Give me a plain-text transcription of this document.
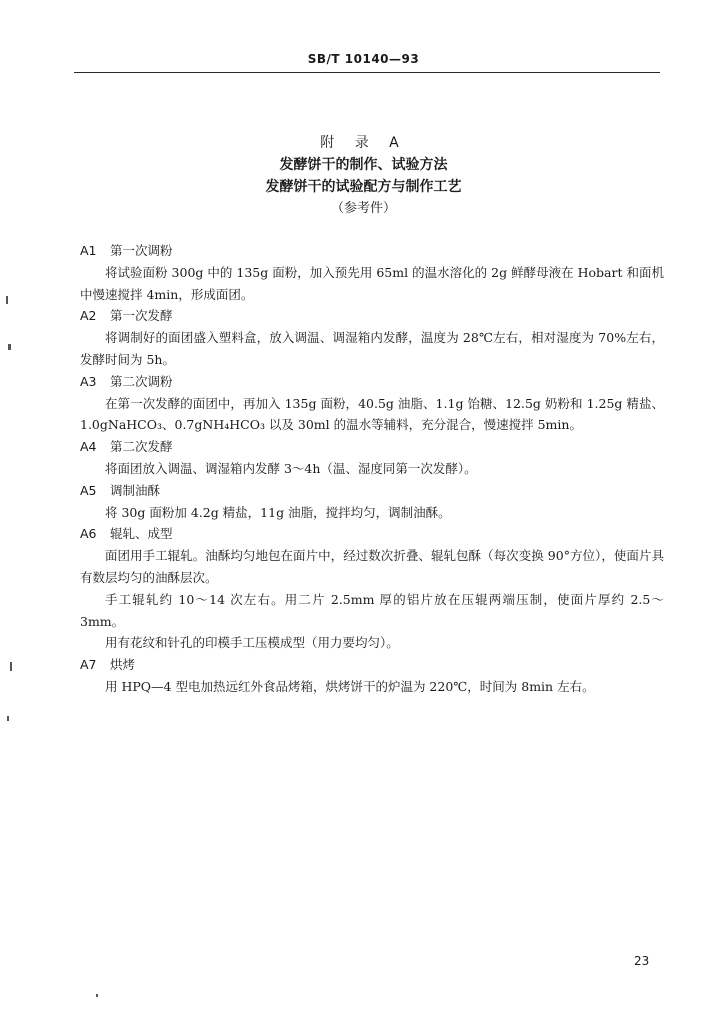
SB/T 10140—93
附 录 A
发酵饼干的制作、试验方法
发酵饼干的试验配方与制作工艺
（参考件）
A1 第一次调粉
将试验面粉 300g 中的 135g 面粉，加入预先用 65ml 的温水溶化的 2g 鲜酵母液在 Hobart 和面机中慢速搅拌 4min，形成面团。
A2 第一次发酵
将调制好的面团盛入塑料盒，放入调温、调湿箱内发酵，温度为 28℃左右，相对湿度为 70%左右，发酵时间为 5h。
A3 第二次调粉
在第一次发酵的面团中，再加入 135g 面粉，40.5g 油脂、1.1g 饴糖、12.5g 奶粉和 1.25g 精盐、1.0gNaHCO₃、0.7gNH₄HCO₃ 以及 30ml 的温水等辅料，充分混合，慢速搅拌 5min。
A4 第二次发酵
将面团放入调温、调湿箱内发酵 3～4h（温、湿度同第一次发酵）。
A5 调制油酥
将 30g 面粉加 4.2g 精盐，11g 油脂，搅拌均匀，调制油酥。
A6 辊轧、成型
面团用手工辊轧。油酥均匀地包在面片中，经过数次折叠、辊轧包酥（每次变换 90°方位），使面片具有数层均匀的油酥层次。
手工辊轧约 10～14 次左右。用二片 2.5mm 厚的铝片放在压辊两端压制，使面片厚约 2.5～3mm。
用有花纹和针孔的印模手工压模成型（用力要均匀）。
A7 烘烤
用 HPQ—4 型电加热远红外食品烤箱，烘烤饼干的炉温为 220℃，时间为 8min 左右。
23
